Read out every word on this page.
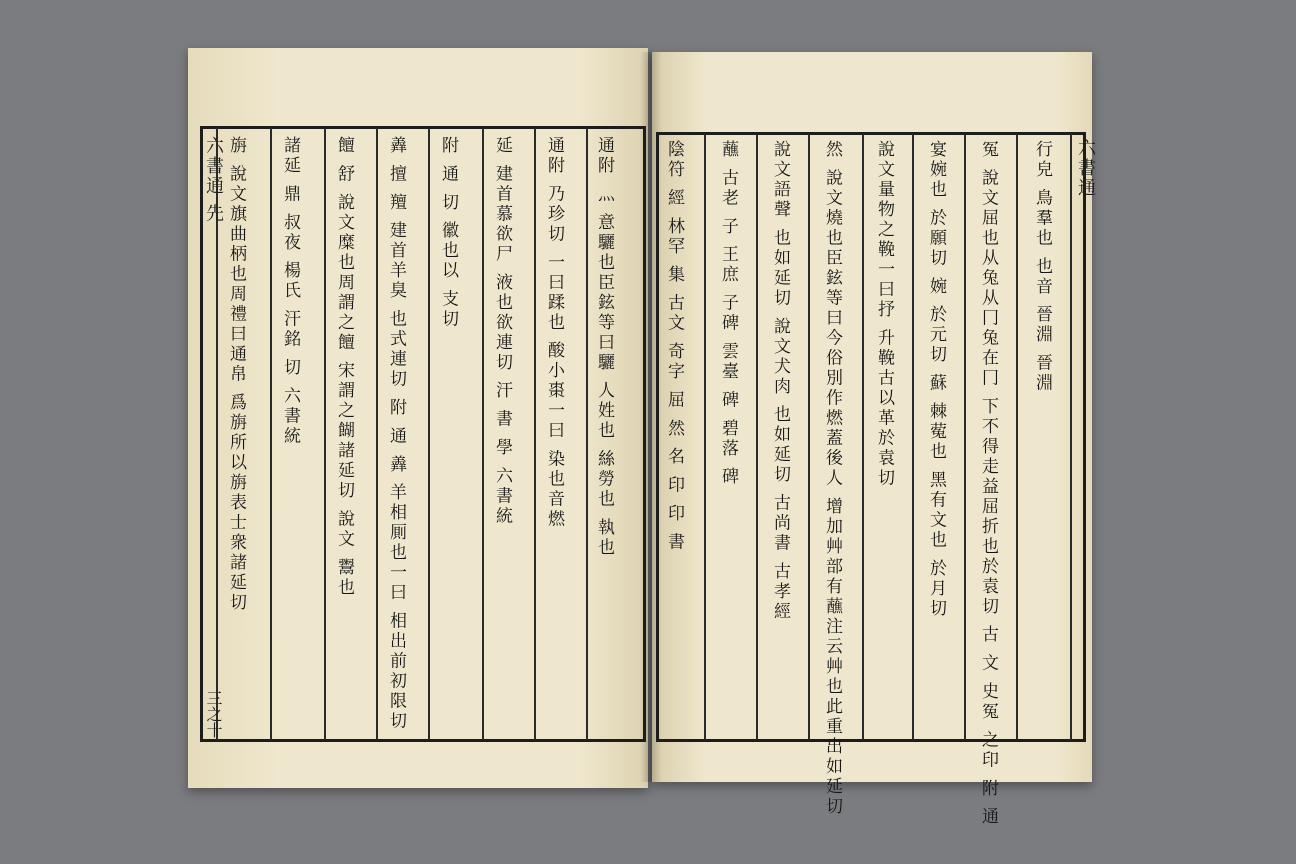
六書通 先
三之十
六書通
通附 灬 意驪也臣鉉等曰驪 人姓也 絲勞也 執也
通附 乃珍切 一曰蹂也 酸小棗一曰 染也音燃
延 建首慕欲尸 液也欲連切 汗 書 學 六書統
附 通 切 徽也以 支切
羴 擅 羶 建首羊臭 也式連切 附 通 羴 羊相厠也一曰 相出前初限切
饘 舒 說文糜也周謂之饘 宋謂之餬諸延切 說文 鬻也
諸延 鼎 叔夜 楊氏 汗銘 切 六書統
旃 說文旗曲柄也周禮曰通帛 爲旃所以旃表士衆諸延切	行皃 鳥羣也 也音 晉淵 晉淵
冤 說文屈也从兔从冂兔在冂 下不得走益屈折也於袁切 古 文 史冤 之印 附 通
宴婉也 於願切 婉 於元切 蘇 棘蒬也 黑有文也 於月切
說文量物之鞔一曰抒 升鞔古以革於袁切
然 說文燒也臣鉉等曰今俗別作燃蓋後人 增加艸部有蘸注云艸也此重出如延切
說文語聲 也如延切 說文犬肉 也如延切 古尚書 古孝經
蘸 古老 子 王庶 子碑 雲臺 碑 碧落 碑
陰符 經 林罕 集 古文 奇字 屈 然 名 印 印 書
